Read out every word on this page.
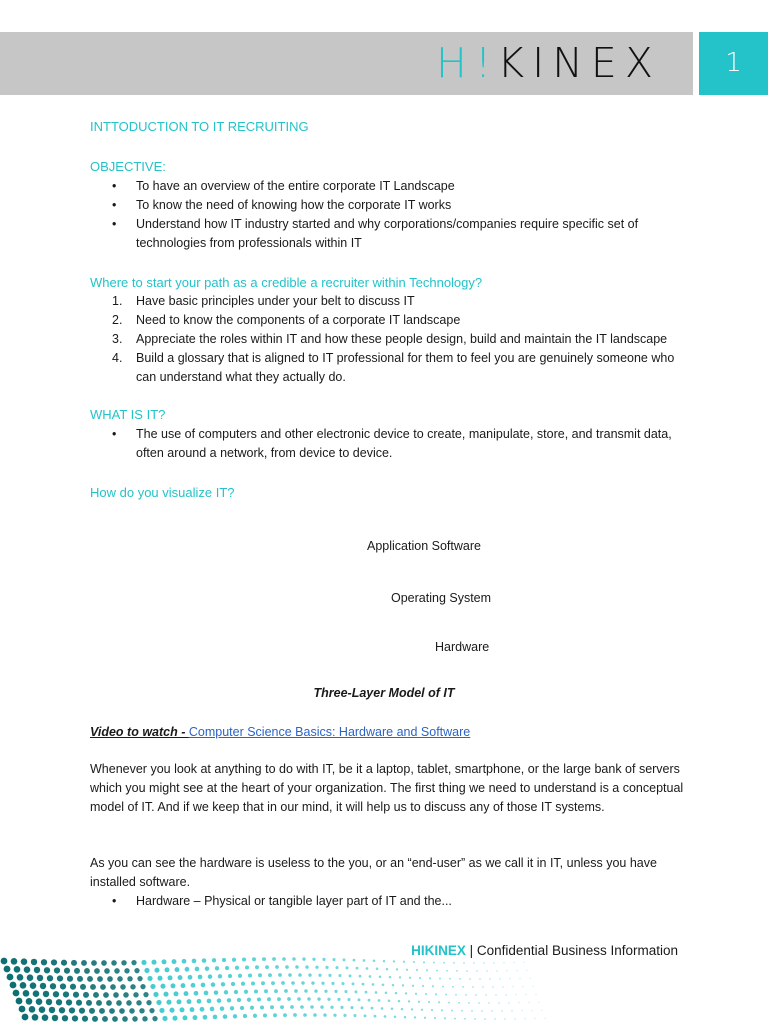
H!KINEX	1
INTTODUCTION TO IT RECRUITING
OBJECTIVE:
• To have an overview of the entire corporate IT Landscape
• To know the need of knowing how the corporate IT works
• Understand how IT industry started and why corporations/companies require specific set of technologies from professionals within IT
Where to start your path as a credible a recruiter within Technology?
1. Have basic principles under your belt to discuss IT
2. Need to know the components of a corporate IT landscape
3. Appreciate the roles within IT and how these people design, build and maintain the IT landscape
4. Build a glossary that is aligned to IT professional for them to feel you are genuinely someone who can understand what they actually do.
WHAT IS IT?
• The use of computers and other electronic device to create, manipulate, store, and transmit data, often around a network, from device to device.
How do you visualize IT?
Application Software
Operating System
Hardware
Three-Layer Model of IT
Video to watch - Computer Science Basics: Hardware and Software
Whenever you look at anything to do with IT, be it a laptop, tablet, smartphone, or the large bank of servers which you might see at the heart of your organization. The first thing we need to understand is a conceptual model of IT. And if we keep that in our mind, it will help us to discuss any of those IT systems.
As you can see the hardware is useless to the you, or an “end-user” as we call it in IT, unless you have installed software.
• Hardware – Physical or tangible layer part of IT and the...
HIKINEX | Confidential Business Information
